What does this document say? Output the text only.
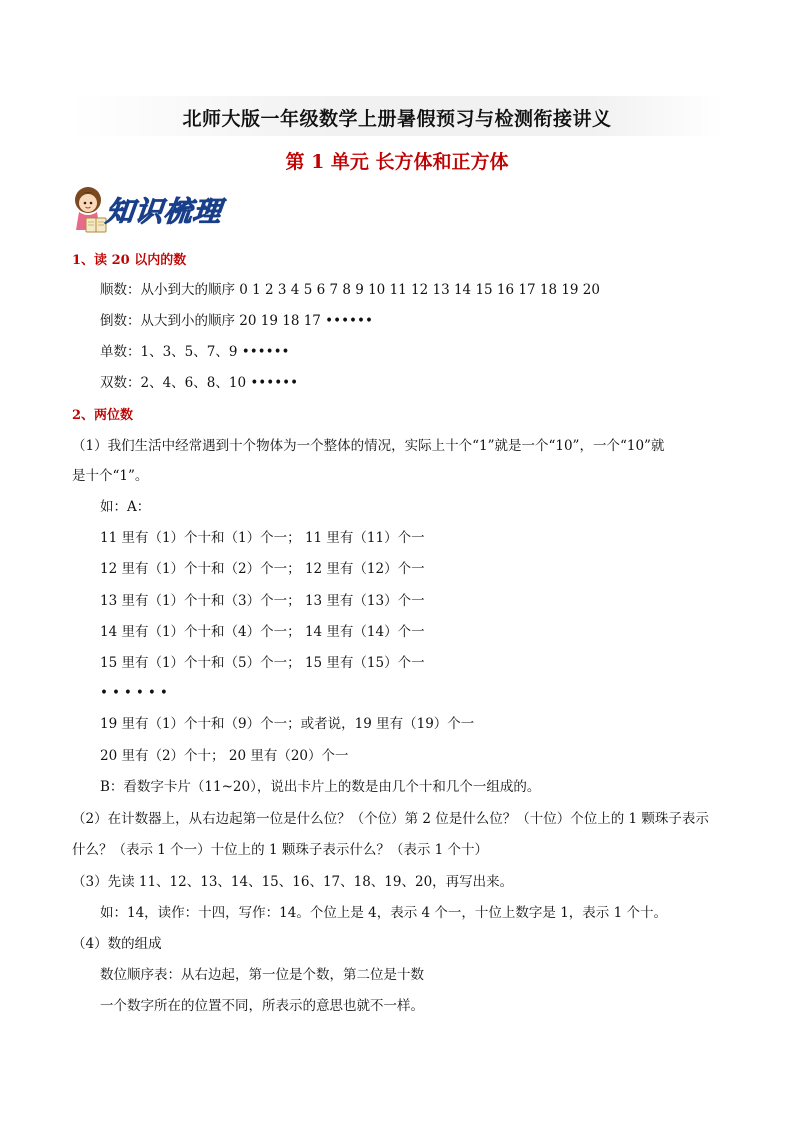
北师大版一年级数学上册暑假预习与检测衔接讲义
第 1 单元 长方体和正方体
知识梳理
1、读 20 以内的数
顺数：从小到大的顺序 0 1 2 3 4 5 6 7 8 9 10 11 12 13 14 15 16 17 18 19 20
倒数：从大到小的顺序 20 19 18 17 ••••••
单数：1、3、5、7、9 ••••••
双数：2、4、6、8、10 ••••••
2、两位数
（1）我们生活中经常遇到十个物体为一个整体的情况，实际上十个“1”就是一个“10”，一个“10”就
是十个“1”。
如：A：
11 里有（1）个十和（1）个一； 11 里有（11）个一
12 里有（1）个十和（2）个一； 12 里有（12）个一
13 里有（1）个十和（3）个一； 13 里有（13）个一
14 里有（1）个十和（4）个一； 14 里有（14）个一
15 里有（1）个十和（5）个一； 15 里有（15）个一
••••••
19 里有（1）个十和（9）个一；或者说，19 里有（19）个一
20 里有（2）个十； 20 里有（20）个一
B：看数字卡片（11~20），说出卡片上的数是由几个十和几个一组成的。
（2）在计数器上，从右边起第一位是什么位？（个位）第 2 位是什么位？（十位）个位上的 1 颗珠子表示
什么？（表示 1 个一）十位上的 1 颗珠子表示什么？（表示 1 个十）
（3）先读 11、12、13、14、15、16、17、18、19、20，再写出来。
如：14，读作：十四，写作：14。个位上是 4，表示 4 个一，十位上数字是 1，表示 1 个十。
（4）数的组成
数位顺序表：从右边起，第一位是个数，第二位是十数
一个数字所在的位置不同，所表示的意思也就不一样。
